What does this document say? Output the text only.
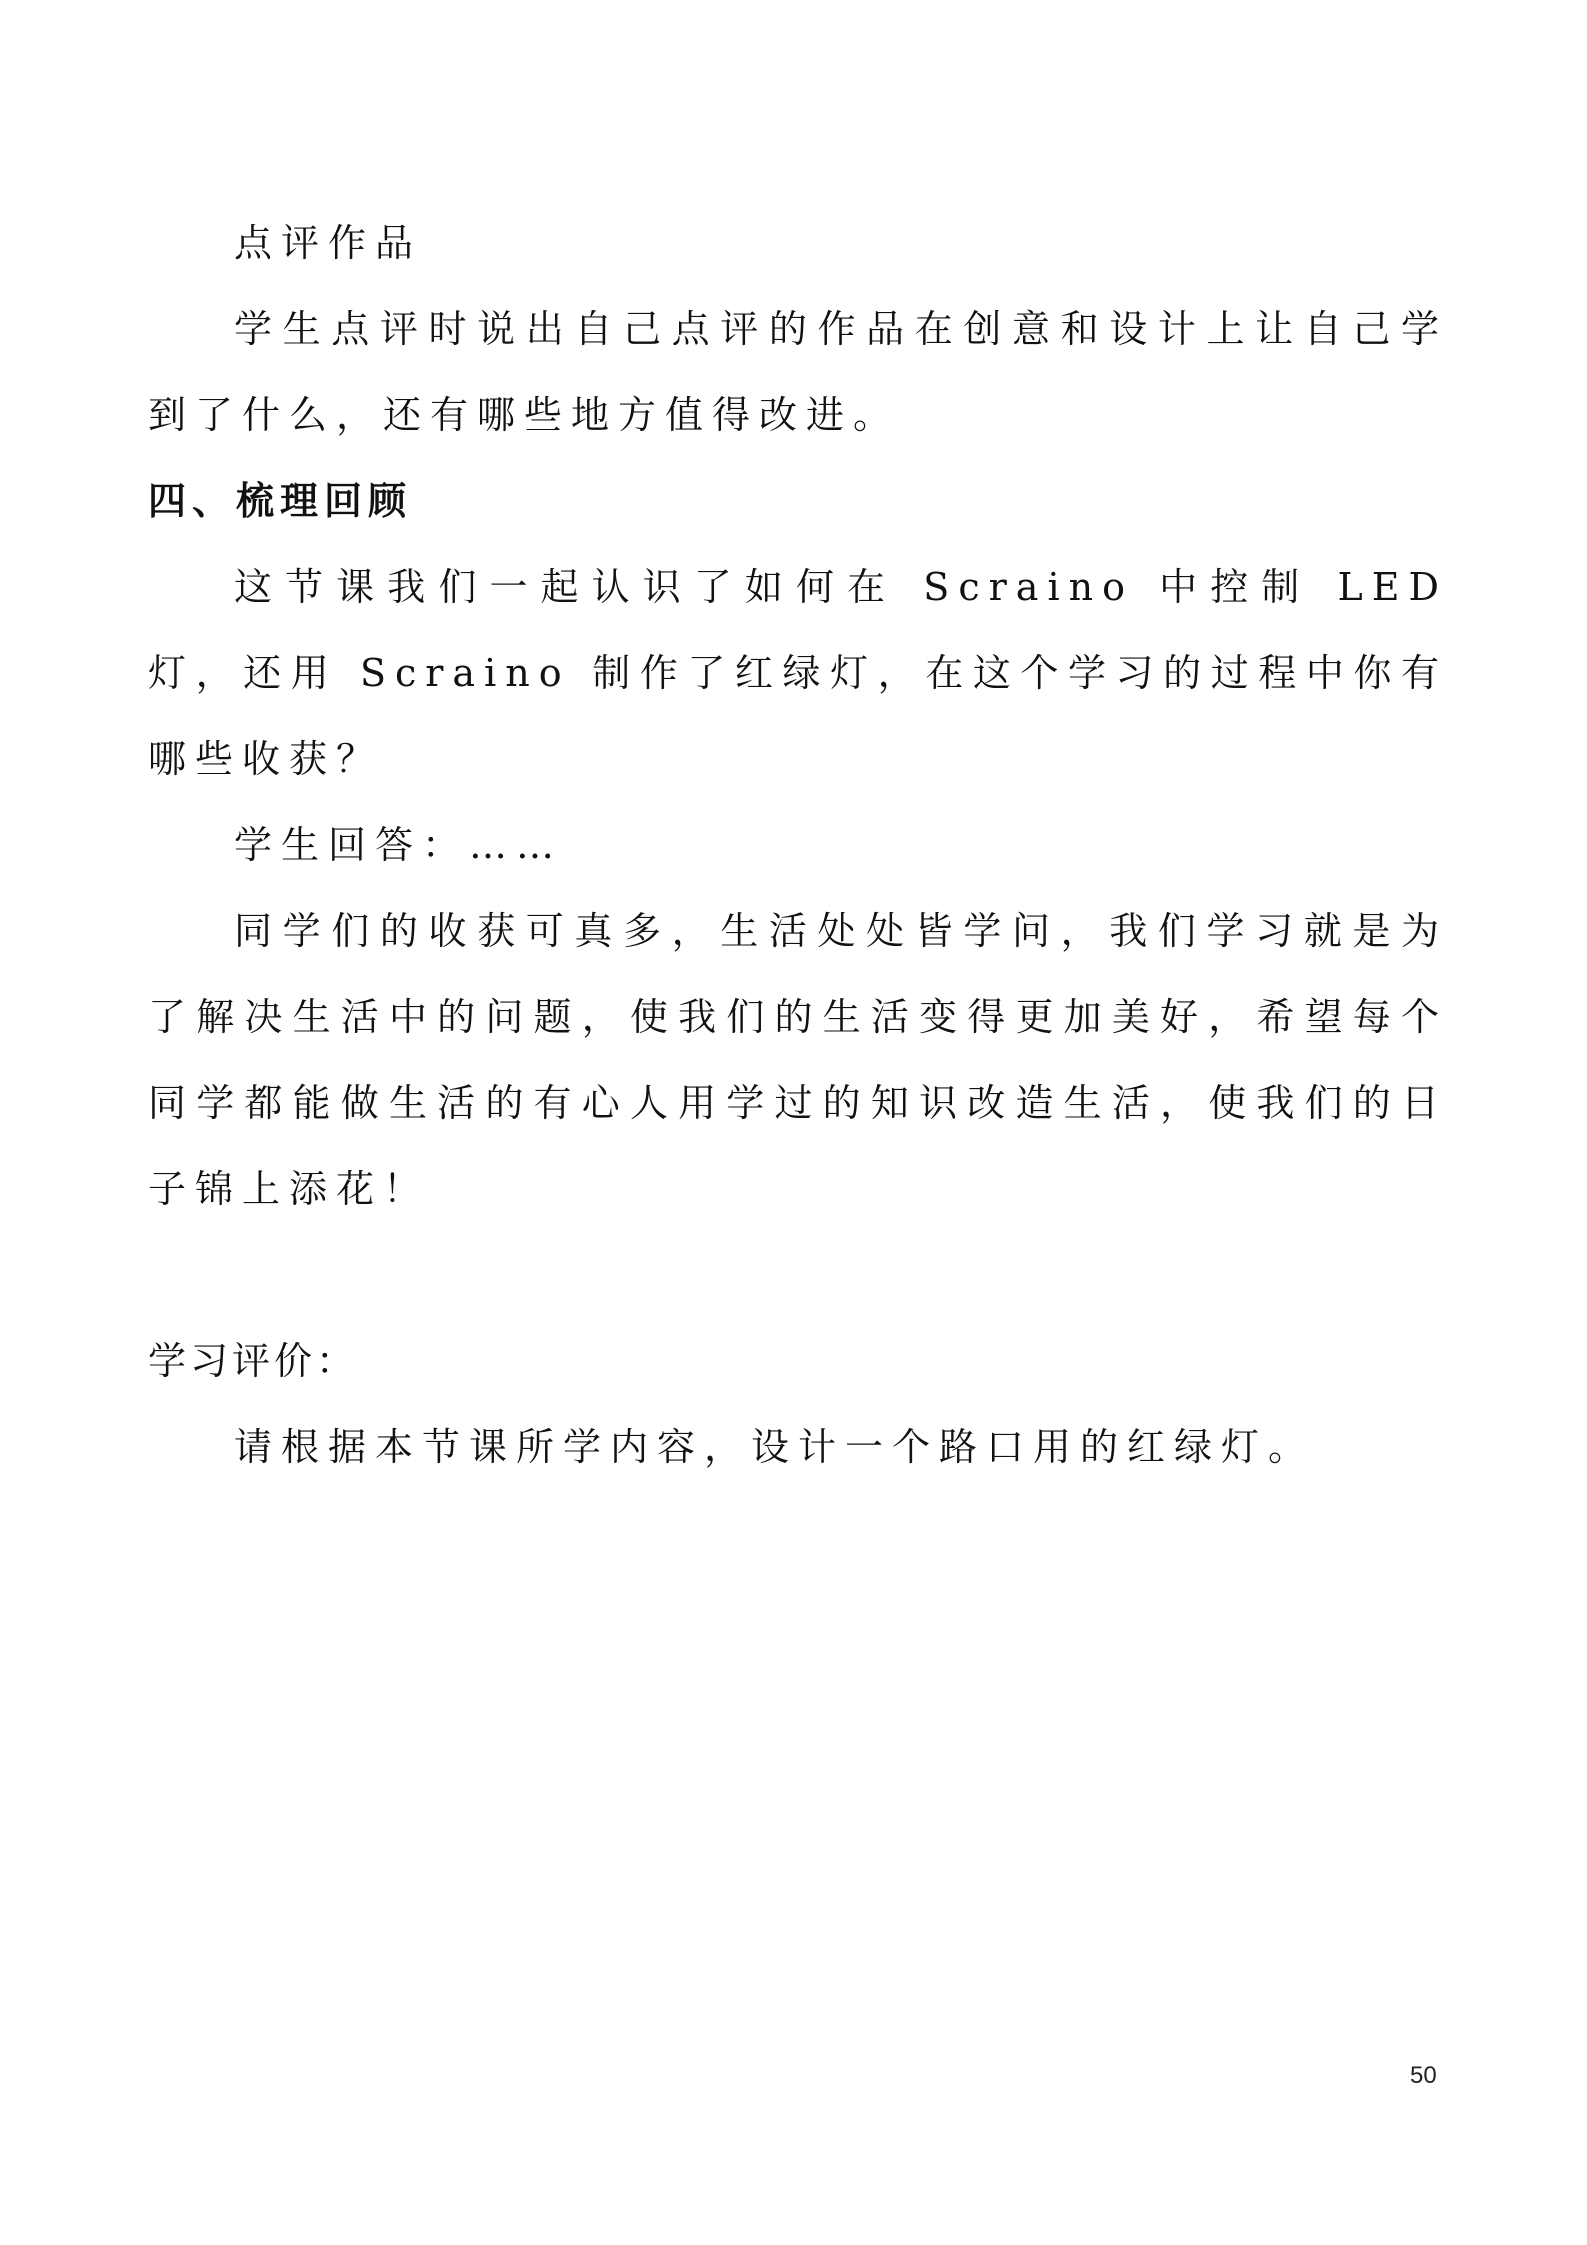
点评作品

学生点评时说出自己点评的作品在创意和设计上让自己学到了什么，还有哪些地方值得改进。

四、梳理回顾

这节课我们一起认识了如何在 Scraino 中控制 LED 灯，还用 Scraino 制作了红绿灯，在这个学习的过程中你有哪些收获？

学生回答：……

同学们的收获可真多，生活处处皆学问，我们学习就是为了解决生活中的问题，使我们的生活变得更加美好，希望每个同学都能做生活的有心人用学过的知识改造生活，使我们的日子锦上添花！

学习评价：

请根据本节课所学内容，设计一个路口用的红绿灯。

50
